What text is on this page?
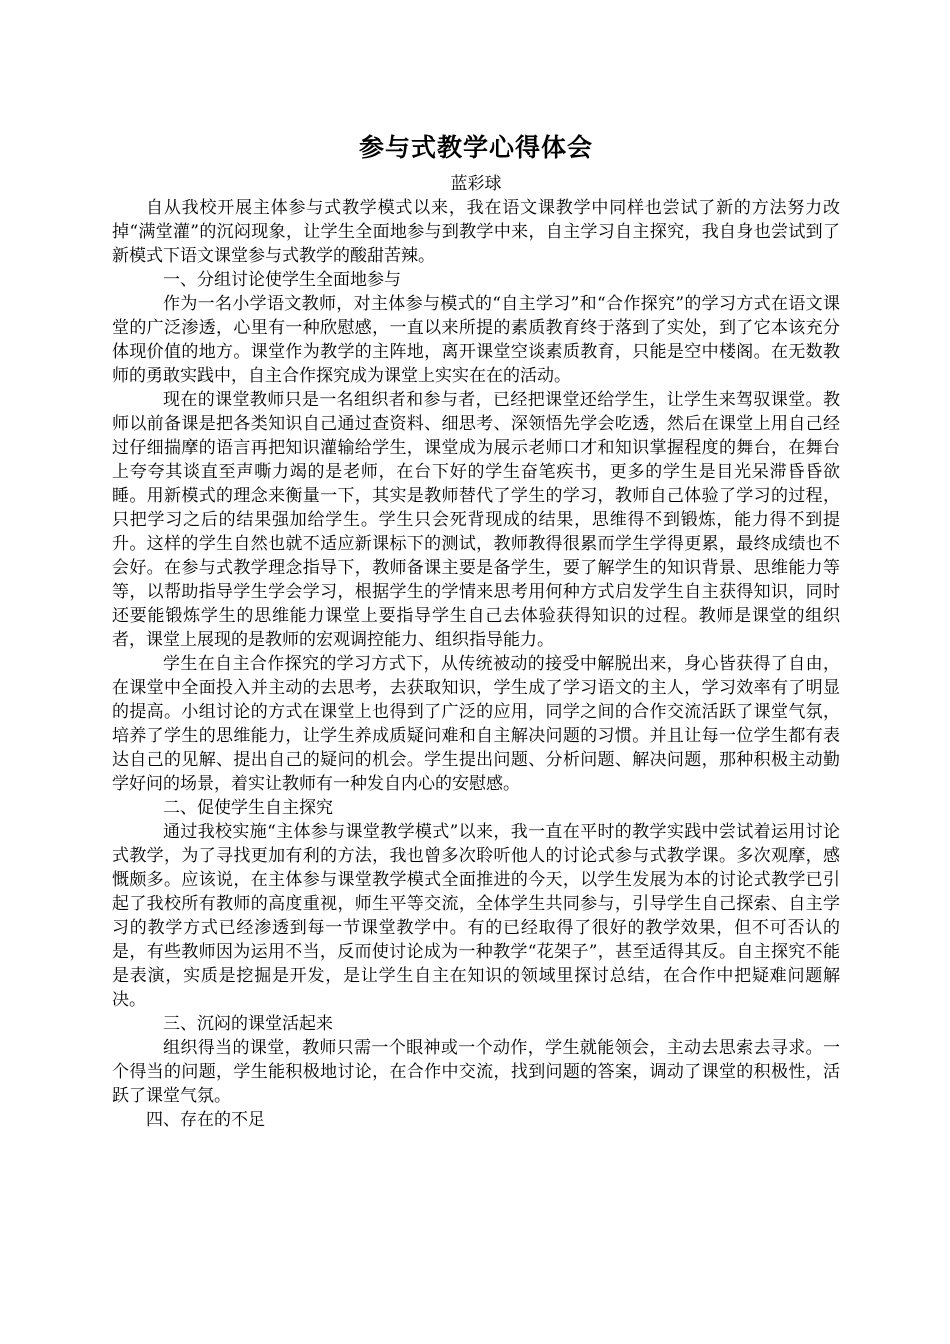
参与式教学心得体会

蓝彩球

自从我校开展主体参与式教学模式以来，我在语文课教学中同样也尝试了新的方法努力改掉“满堂灌”的沉闷现象，让学生全面地参与到教学中来，自主学习自主探究，我自身也尝试到了新模式下语文课堂参与式教学的酸甜苦辣。

一、分组讨论使学生全面地参与

作为一名小学语文教师，对主体参与模式的“自主学习”和“合作探究”的学习方式在语文课堂的广泛渗透，心里有一种欣慰感，一直以来所提的素质教育终于落到了实处，到了它本该充分体现价值的地方。课堂作为教学的主阵地，离开课堂空谈素质教育，只能是空中楼阁。在无数教师的勇敢实践中，自主合作探究成为课堂上实实在在的活动。

现在的课堂教师只是一名组织者和参与者，已经把课堂还给学生，让学生来驾驭课堂。教师以前备课是把各类知识自己通过查资料、细思考、深领悟先学会吃透，然后在课堂上用自己经过仔细揣摩的语言再把知识灌输给学生，课堂成为展示老师口才和知识掌握程度的舞台，在舞台上夸夸其谈直至声嘶力竭的是老师，在台下好的学生奋笔疾书，更多的学生是目光呆滞昏昏欲睡。用新模式的理念来衡量一下，其实是教师替代了学生的学习，教师自己体验了学习的过程，只把学习之后的结果强加给学生。学生只会死背现成的结果，思维得不到锻炼，能力得不到提升。这样的学生自然也就不适应新课标下的测试，教师教得很累而学生学得更累，最终成绩也不会好。在参与式教学理念指导下，教师备课主要是备学生，要了解学生的知识背景、思维能力等等，以帮助指导学生学会学习，根据学生的学情来思考用何种方式启发学生自主获得知识，同时还要能锻炼学生的思维能力课堂上要指导学生自己去体验获得知识的过程。教师是课堂的组织者，课堂上展现的是教师的宏观调控能力、组织指导能力。

学生在自主合作探究的学习方式下，从传统被动的接受中解脱出来，身心皆获得了自由，在课堂中全面投入并主动的去思考，去获取知识，学生成了学习语文的主人，学习效率有了明显的提高。小组讨论的方式在课堂上也得到了广泛的应用，同学之间的合作交流活跃了课堂气氛，培养了学生的思维能力，让学生养成质疑问难和自主解决问题的习惯。并且让每一位学生都有表达自己的见解、提出自己的疑问的机会。学生提出问题、分析问题、解决问题，那种积极主动勤学好问的场景，着实让教师有一种发自内心的安慰感。

二、促使学生自主探究

通过我校实施“主体参与课堂教学模式”以来，我一直在平时的教学实践中尝试着运用讨论式教学，为了寻找更加有利的方法，我也曾多次聆听他人的讨论式参与式教学课。多次观摩，感慨颇多。应该说，在主体参与课堂教学模式全面推进的今天，以学生发展为本的讨论式教学已引起了我校所有教师的高度重视，师生平等交流，全体学生共同参与，引导学生自己探索、自主学习的教学方式已经渗透到每一节课堂教学中。有的已经取得了很好的教学效果，但不可否认的是，有些教师因为运用不当，反而使讨论成为一种教学“花架子”，甚至适得其反。自主探究不能是表演，实质是挖掘是开发，是让学生自主在知识的领域里探讨总结，在合作中把疑难问题解决。

三、沉闷的课堂活起来

组织得当的课堂，教师只需一个眼神或一个动作，学生就能领会，主动去思索去寻求。一个得当的问题，学生能积极地讨论，在合作中交流，找到问题的答案，调动了课堂的积极性，活跃了课堂气氛。

四、存在的不足
